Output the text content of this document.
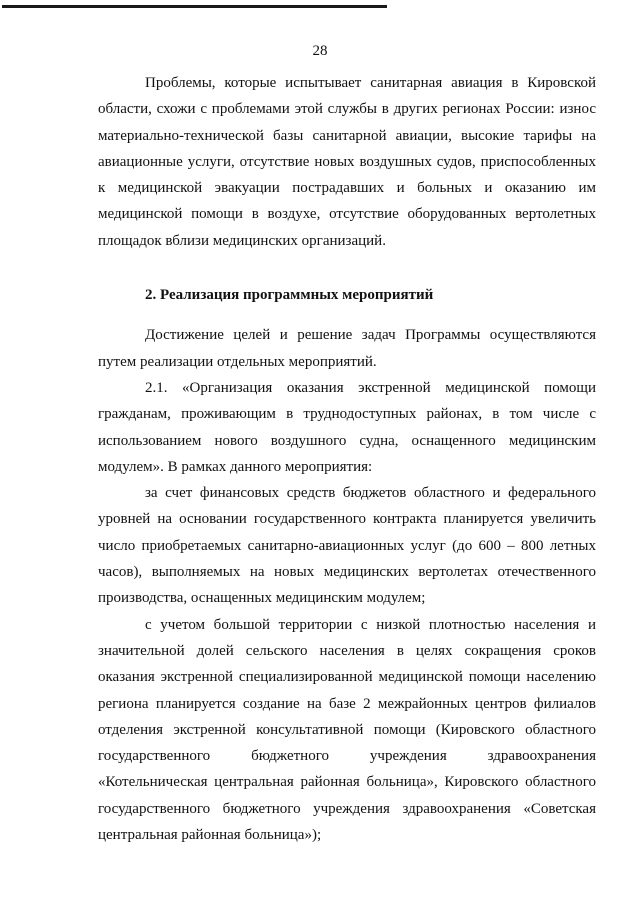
28

Проблемы, которые испытывает санитарная авиация в Кировской области, схожи с проблемами этой службы в других регионах России: износ материально-технической базы санитарной авиации, высокие тарифы на авиационные услуги, отсутствие новых воздушных судов, приспособленных к медицинской эвакуации пострадавших и больных и оказанию им медицинской помощи в воздухе, отсутствие оборудованных вертолетных площадок вблизи медицинских организаций.

2. Реализация программных мероприятий

Достижение целей и решение задач Программы осуществляются путем реализации отдельных мероприятий.

2.1. «Организация оказания экстренной медицинской помощи гражданам, проживающим в труднодоступных районах, в том числе с использованием нового воздушного судна, оснащенного медицинским модулем». В рамках данного мероприятия:

за счет финансовых средств бюджетов областного и федерального уровней на основании государственного контракта планируется увеличить число приобретаемых санитарно-авиационных услуг (до 600 – 800 летных часов), выполняемых на новых медицинских вертолетах отечественного производства, оснащенных медицинским модулем;

с учетом большой территории с низкой плотностью населения и значительной долей сельского населения в целях сокращения сроков оказания экстренной специализированной медицинской помощи населению региона планируется создание на базе 2 межрайонных центров филиалов отделения экстренной консультативной помощи (Кировского областного государственного бюджетного учреждения здравоохранения «Котельническая центральная районная больница», Кировского областного государственного бюджетного учреждения здравоохранения «Советская центральная районная больница»);
